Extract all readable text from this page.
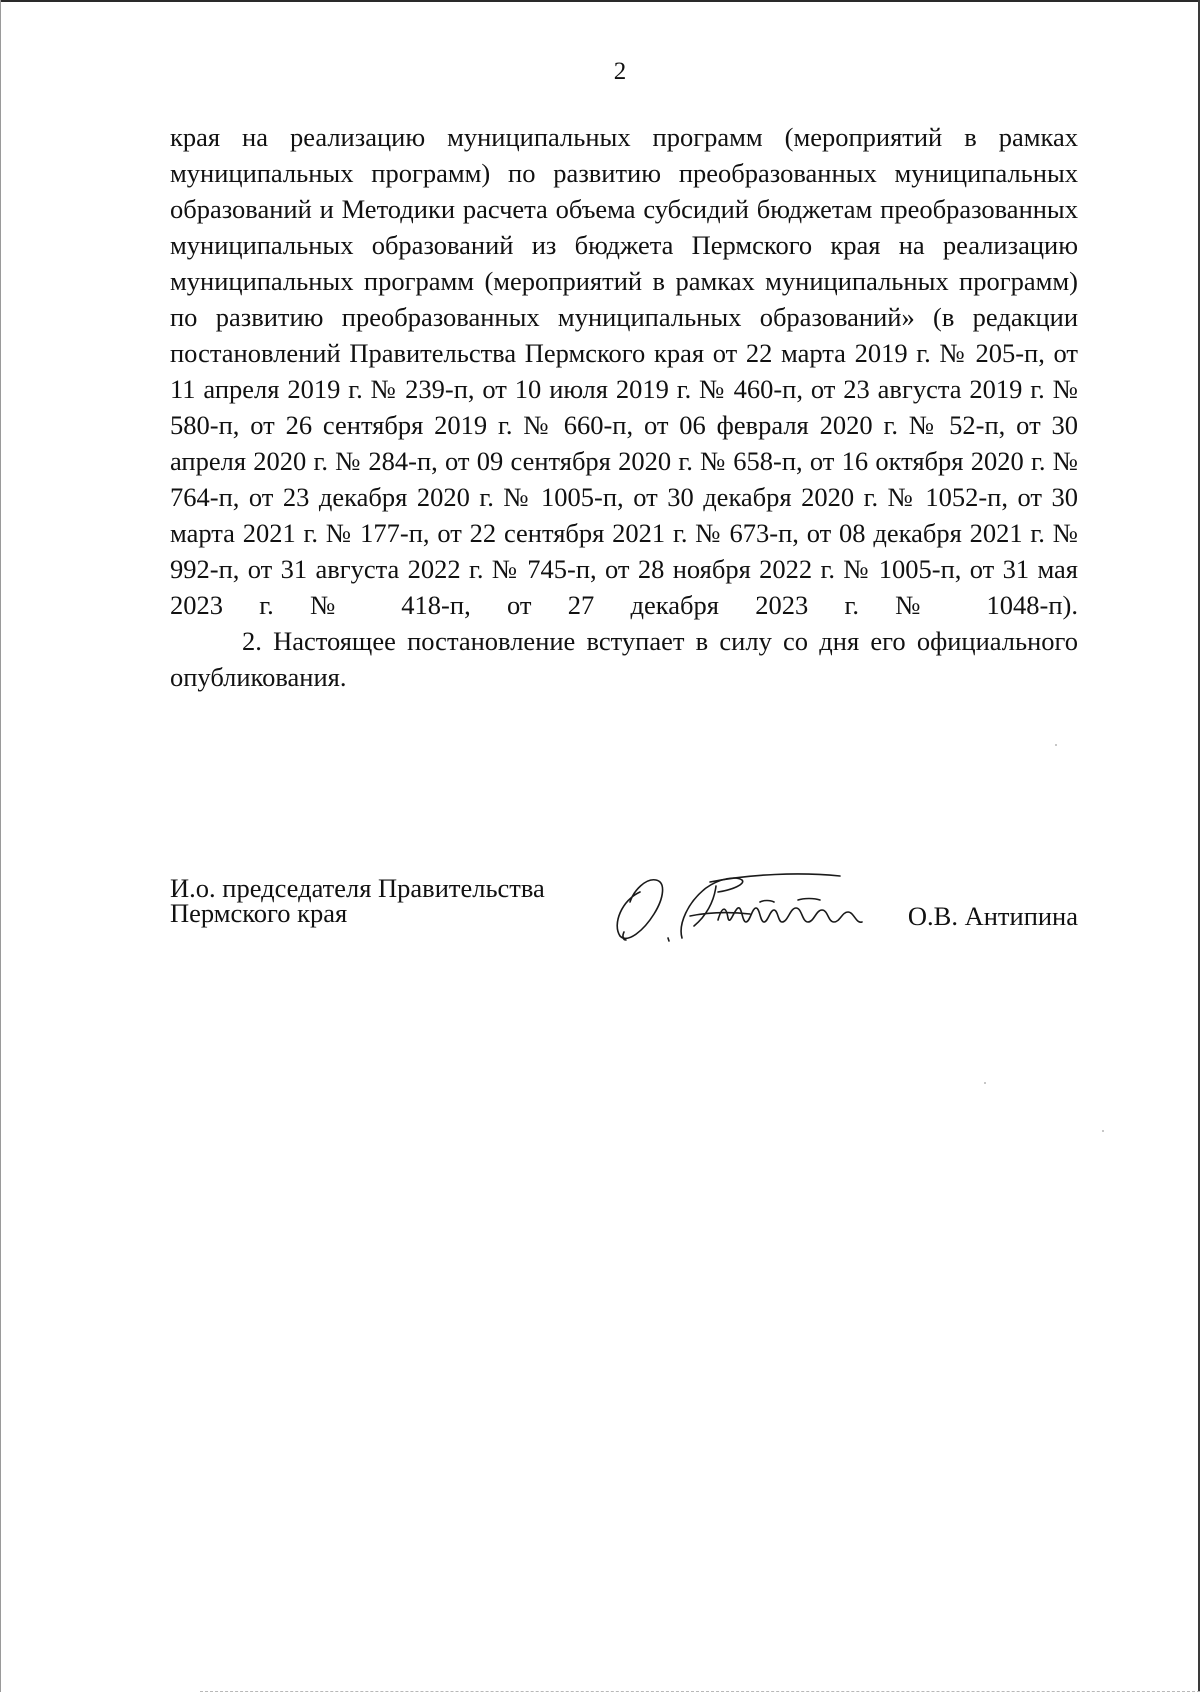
2

края на реализацию муниципальных программ (мероприятий в рамках муниципальных программ) по развитию преобразованных муниципальных образований и Методики расчета объема субсидий бюджетам преобразованных муниципальных образований из бюджета Пермского края на реализацию муниципальных программ (мероприятий в рамках муниципальных программ) по развитию преобразованных муниципальных образований» (в редакции постановлений Правительства Пермского края от 22 марта 2019 г. № 205-п, от 11 апреля 2019 г. № 239-п, от 10 июля 2019 г. № 460-п, от 23 августа 2019 г. № 580-п, от 26 сентября 2019 г. № 660-п, от 06 февраля 2020 г. № 52-п, от 30 апреля 2020 г. № 284-п, от 09 сентября 2020 г. № 658-п, от 16 октября 2020 г. № 764-п, от 23 декабря 2020 г. № 1005-п, от 30 декабря 2020 г. № 1052-п, от 30 марта 2021 г. № 177-п, от 22 сентября 2021 г. № 673-п, от 08 декабря 2021 г. № 992-п, от 31 августа 2022 г. № 745-п, от 28 ноября 2022 г. № 1005-п, от 31 мая 2023 г. № 418-п, от 27 декабря 2023 г. № 1048-п).

2. Настоящее постановление вступает в силу со дня его официального опубликования.

И.о. председателя Правительства
Пермского края	О.В. Антипина
